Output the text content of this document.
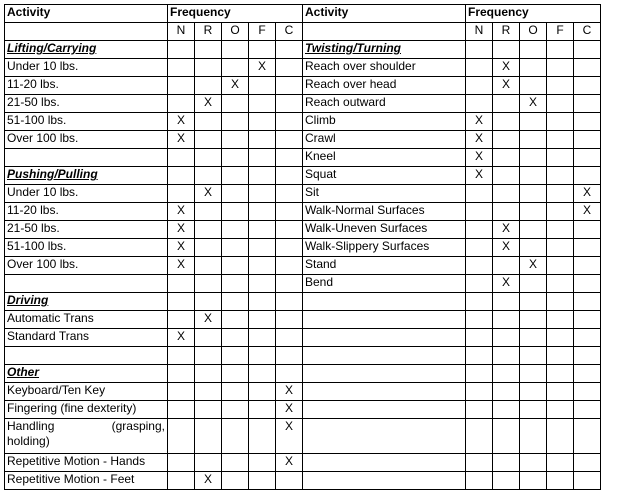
Activity	Frequency					Activity	Frequency				
	N	R	O	F	C		N	R	O	F	C
Lifting/Carrying						Twisting/Turning					
Under 10 lbs.				X		Reach over shoulder		X			
11-20 lbs.			X			Reach over head		X			
21-50 lbs.		X				Reach outward			X		
51-100 lbs.	X					Climb	X				
Over 100 lbs.	X					Crawl	X				
						Kneel	X				
Pushing/Pulling						Squat	X				
Under 10 lbs.		X				Sit					X
11-20 lbs.	X					Walk-Normal Surfaces					X
21-50 lbs.	X					Walk-Uneven Surfaces		X			
51-100 lbs.	X					Walk-Slippery Surfaces		X			
Over 100 lbs.	X					Stand			X		
						Bend		X			
Driving											
Automatic Trans		X									
Standard Trans	X										

Other											
Keyboard/Ten Key					X						
Fingering (fine dexterity)					X						

Handling (grasping,
holding)					X						
Repetitive Motion - Hands					X						
Repetitive Motion - Feet		X									
